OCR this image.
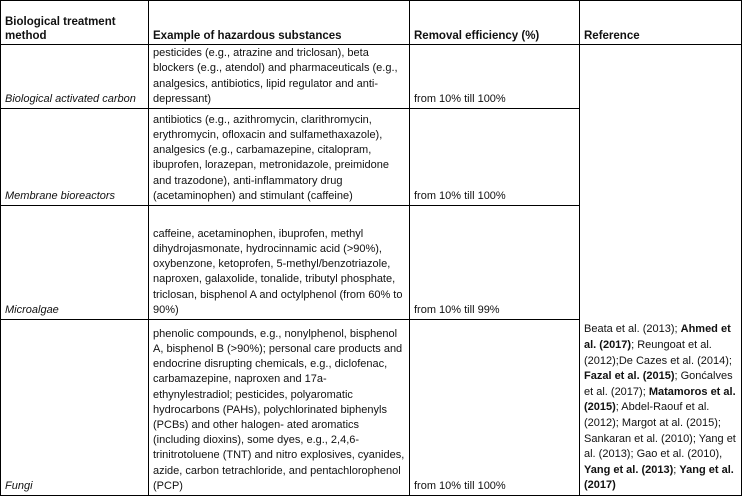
Biological treatment method	Example of hazardous substances	Removal efficiency (%)	Reference
Biological activated carbon	pesticides (e.g., atrazine and triclosan), beta blockers (e.g., atendol) and pharmaceuticals (e.g., analgesics, antibiotics, lipid regulator and anti-depressant)	from 10% till 100%	Beata et al. (2013); Ahmed et al. (2017); Reungoat et al. (2012);De Cazes et al. (2014); Fazal et al. (2015); Gonćalves et al. (2017); Matamoros et al. (2015); Abdel-Raouf et al. (2012); Margot at al. (2015); Sankaran et al. (2010); Yang et al. (2013); Gao et al. (2010), Yang et al. (2013); Yang et al. (2017)
Membrane bioreactors	antibiotics (e.g., azithromycin, clarithromycin, erythromycin, ofloxacin and sulfamethaxazole), analgesics (e.g., carbamazepine, citalopram, ibuprofen, lorazepan, metronidazole, preimidone and trazodone), anti-inflammatory drug (acetaminophen) and stimulant (caffeine)	from 10% till 100%	
Microalgae	caffeine, acetaminophen, ibuprofen, methyl dihydrojasmonate, hydrocinnamic acid (>90%), oxybenzone, ketoprofen, 5-methyl/benzotriazole, naproxen, galaxolide, tonalide, tributyl phosphate, triclosan, bisphenol A and octylphenol (from 60% to 90%)	from 10% till 99%	
Fungi	phenolic compounds, e.g., nonylphenol, bisphenol A, bisphenol B (>90%); personal care products and endocrine disrupting chemicals, e.g., diclofenac, carbamazepine, naproxen and 17a-ethynylestradiol; pesticides, polyaromatic hydrocarbons (PAHs), polychlorinated biphenyls (PCBs) and other halogen- ated aromatics (including dioxins), some dyes, e.g., 2,4,6- trinitrotoluene (TNT) and nitro explosives, cyanides, azide, carbon tetrachloride, and pentachlorophenol (PCP)	from 10% till 100%	
